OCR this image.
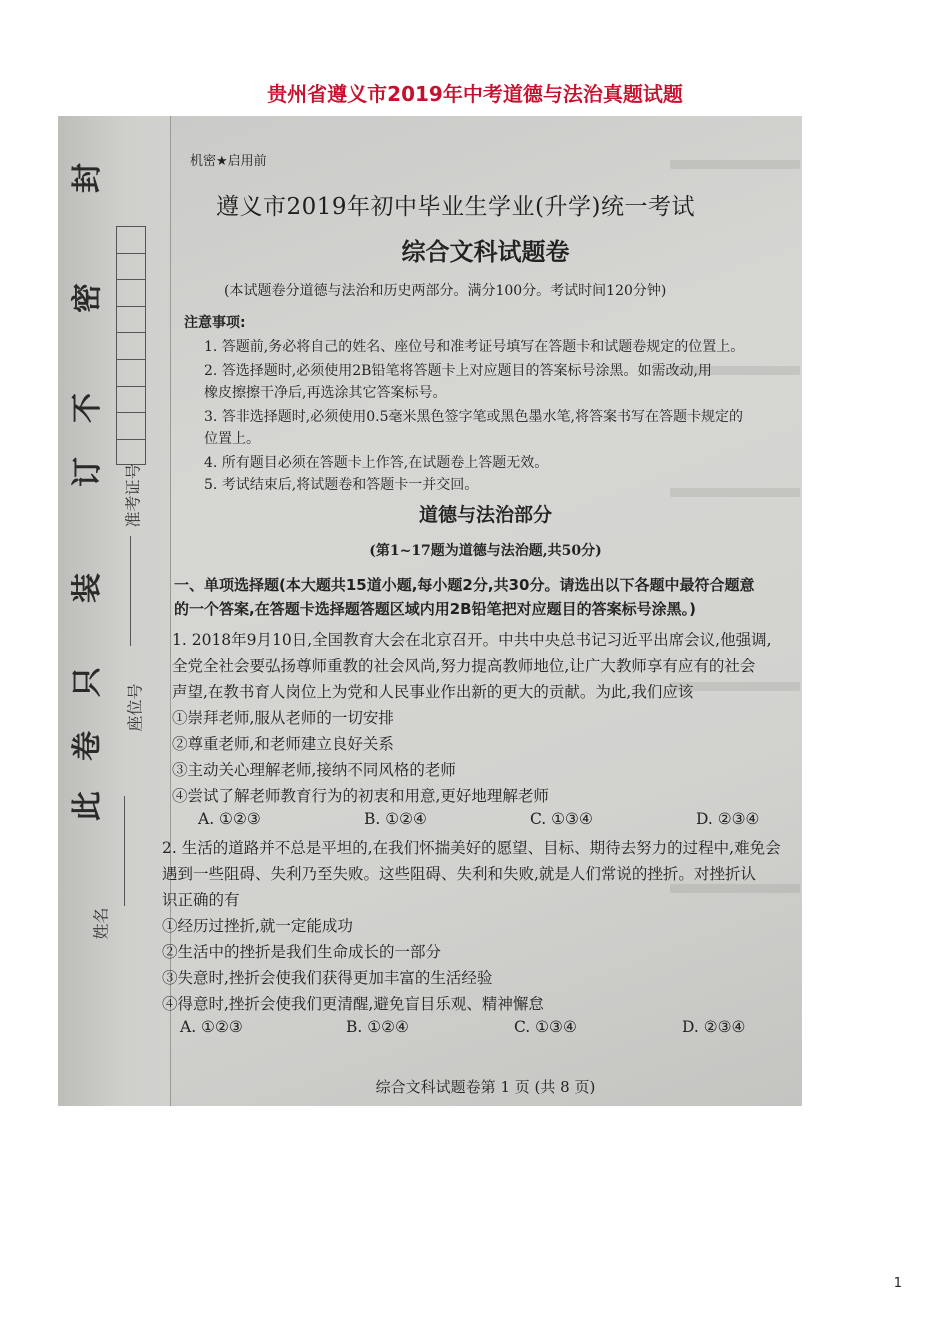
贵州省遵义市2019年中考道德与法治真题试题
封
密
不
订
装
只
卷
此
准考证号
座位号
姓名
机密★启用前
遵义市2019年初中毕业生学业(升学)统一考试
综合文科试题卷
(本试题卷分道德与法治和历史两部分。满分100分。考试时间120分钟)
注意事项:
1. 答题前,务必将自己的姓名、座位号和准考证号填写在答题卡和试题卷规定的位置上。
2. 答选择题时,必须使用2B铅笔将答题卡上对应题目的答案标号涂黑。如需改动,用
橡皮擦擦干净后,再选涂其它答案标号。
3. 答非选择题时,必须使用0.5毫米黑色签字笔或黑色墨水笔,将答案书写在答题卡规定的
位置上。
4. 所有题目必须在答题卡上作答,在试题卷上答题无效。
5. 考试结束后,将试题卷和答题卡一并交回。
道德与法治部分
(第1~17题为道德与法治题,共50分)
一、单项选择题(本大题共15道小题,每小题2分,共30分。请选出以下各题中最符合题意
的一个答案,在答题卡选择题答题区域内用2B铅笔把对应题目的答案标号涂黑。)
1. 2018年9月10日,全国教育大会在北京召开。中共中央总书记习近平出席会议,他强调,
全党全社会要弘扬尊师重教的社会风尚,努力提高教师地位,让广大教师享有应有的社会
声望,在教书育人岗位上为党和人民事业作出新的更大的贡献。为此,我们应该
①崇拜老师,服从老师的一切安排
②尊重老师,和老师建立良好关系
③主动关心理解老师,接纳不同风格的老师
④尝试了解老师教育行为的初衷和用意,更好地理解老师
A. ①②③	B. ①②④	C. ①③④	D. ②③④
2. 生活的道路并不总是平坦的,在我们怀揣美好的愿望、目标、期待去努力的过程中,难免会
遇到一些阻碍、失利乃至失败。这些阻碍、失利和失败,就是人们常说的挫折。对挫折认
识正确的有
①经历过挫折,就一定能成功
②生活中的挫折是我们生命成长的一部分
③失意时,挫折会使我们获得更加丰富的生活经验
④得意时,挫折会使我们更清醒,避免盲目乐观、精神懈怠
A. ①②③	B. ①②④	C. ①③④	D. ②③④
综合文科试题卷第 1 页 (共 8 页)
1
